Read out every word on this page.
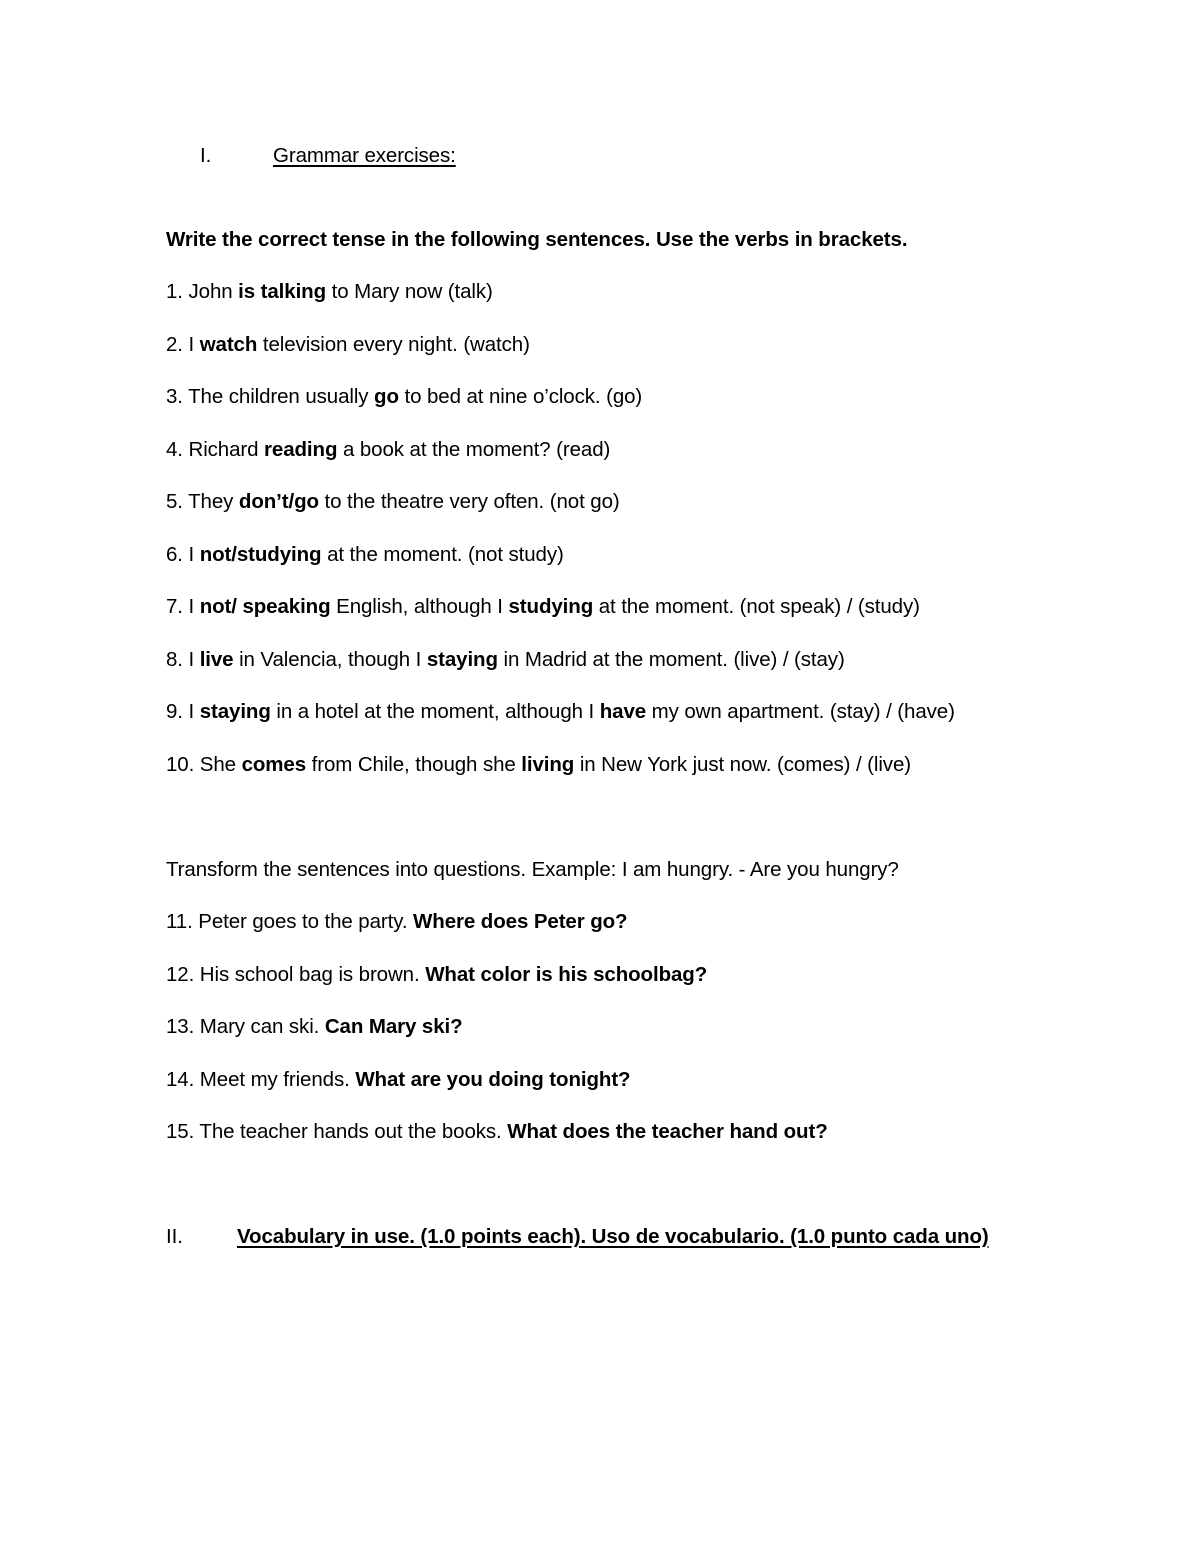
I.	Grammar exercises:
Write the correct tense in the following sentences. Use the verbs in brackets.
1. John is talking to Mary now (talk)
2. I watch television every night. (watch)
3. The children usually go to bed at nine o’clock. (go)
4. Richard reading a book at the moment? (read)
5. They don’t/go to the theatre very often. (not go)
6. I not/studying at the moment. (not study)
7. I not/ speaking English, although I studying at the moment. (not speak) / (study)
8. I live in Valencia, though I staying in Madrid at the moment. (live) / (stay)
9. I staying in a hotel at the moment, although I have my own apartment. (stay) / (have)
10. She comes from Chile, though she living in New York just now. (comes) / (live)
Transform the sentences into questions. Example: I am hungry. - Are you hungry?
11. Peter goes to the party. Where does Peter go?
12. His school bag is brown. What color is his schoolbag?
13. Mary can ski. Can Mary ski?
14. Meet my friends. What are you doing tonight?
15. The teacher hands out the books. What does the teacher hand out?
II.	Vocabulary in use. (1.0 points each). Uso de vocabulario. (1.0 punto cada uno)
